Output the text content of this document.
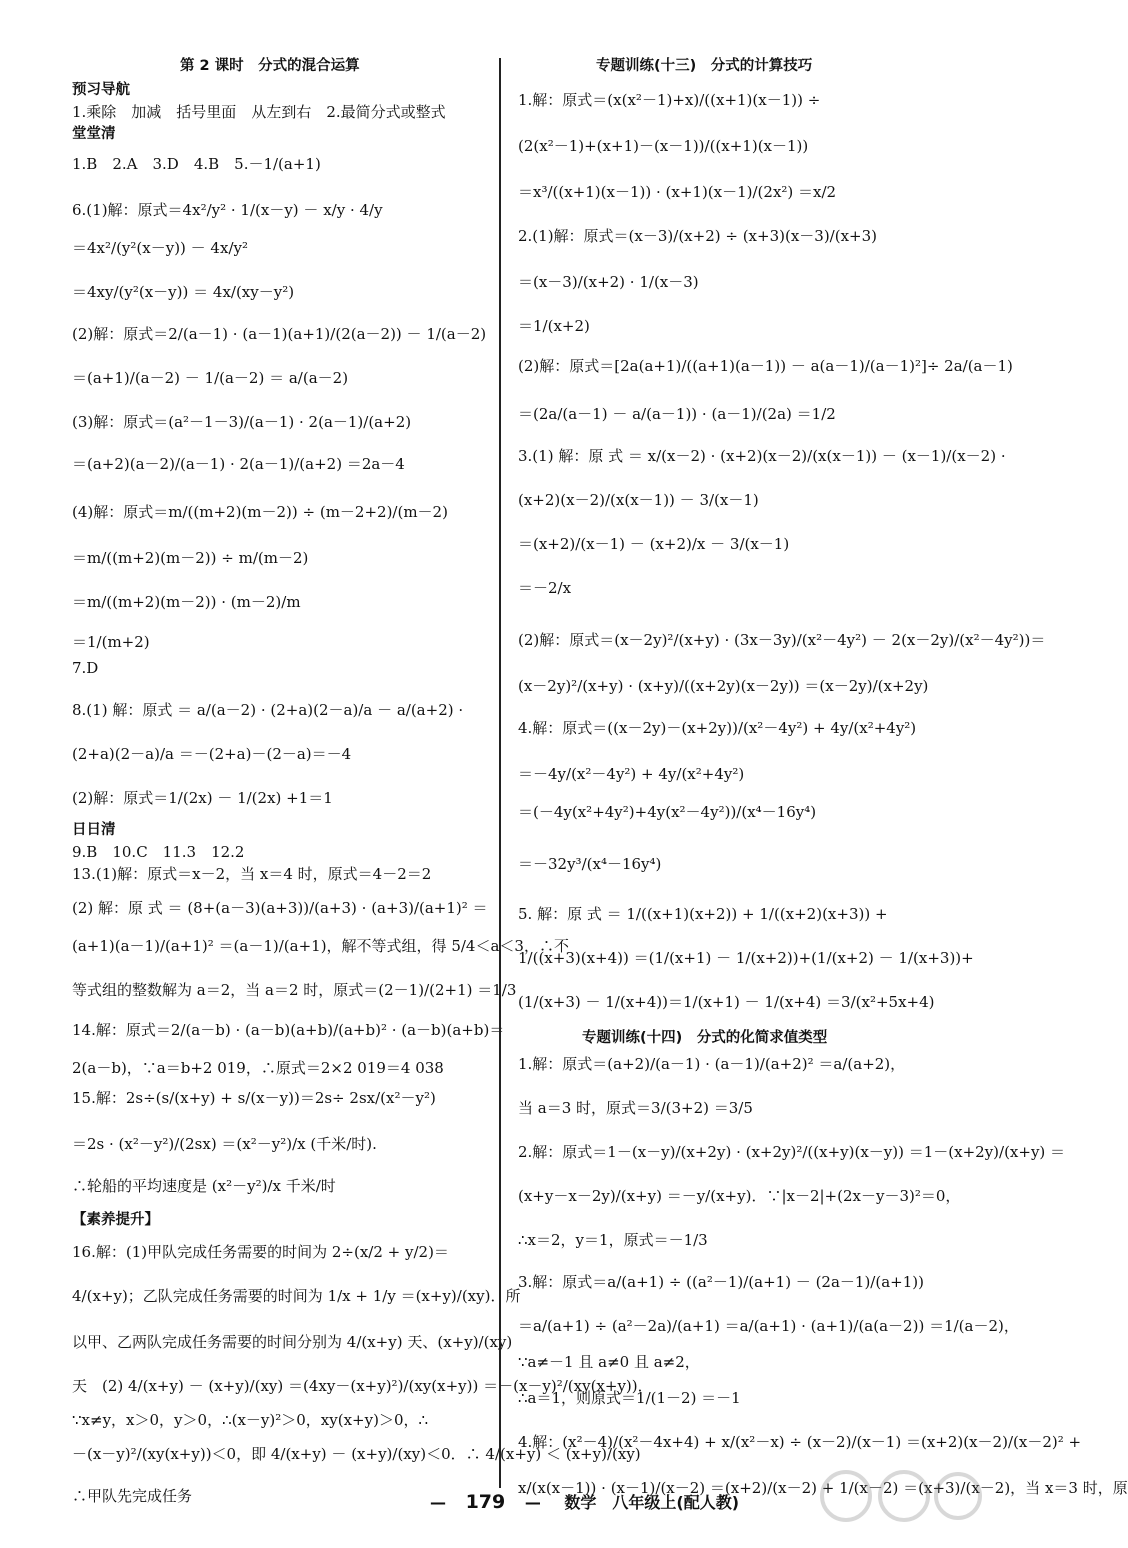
第 2 课时　分式的混合运算
预习导航
1.乘除　加减　括号里面　从左到右　2.最简分式或整式
堂堂清
1.B　2.A　3.D　4.B　5.－1/(a+1)
6.(1)解：原式＝4x²/y² · 1/(x－y) － x/y · 4/y
＝4x²/(y²(x－y)) － 4x/y²
＝4xy/(y²(x－y)) ＝ 4x/(xy－y²)
(2)解：原式＝2/(a－1) · (a－1)(a+1)/(2(a－2)) － 1/(a－2)
＝(a+1)/(a－2) － 1/(a－2) ＝ a/(a－2)
(3)解：原式＝(a²－1－3)/(a－1) · 2(a－1)/(a+2)
＝(a+2)(a－2)/(a－1) · 2(a－1)/(a+2) ＝2a－4
(4)解：原式＝m/((m+2)(m－2)) ÷ (m－2+2)/(m－2)
＝m/((m+2)(m－2)) ÷ m/(m－2)
＝m/((m+2)(m－2)) · (m－2)/m
＝1/(m+2)
7.D
8.(1) 解：原式 ＝ a/(a－2) · (2+a)(2－a)/a － a/(a+2) ·
(2+a)(2－a)/a ＝－(2+a)－(2－a)＝－4
(2)解：原式＝1/(2x) － 1/(2x) +1＝1
日日清
9.B　10.C　11.3　12.2
13.(1)解：原式＝x－2，当 x＝4 时，原式＝4－2＝2
(2) 解：原 式 ＝ (8+(a－3)(a+3))/(a+3) · (a+3)/(a+1)² ＝
(a+1)(a－1)/(a+1)² ＝(a－1)/(a+1)，解不等式组，得 5/4＜a＜3，∴不
等式组的整数解为 a＝2，当 a＝2 时，原式＝(2－1)/(2+1) ＝1/3
14.解：原式＝2/(a－b) · (a－b)(a+b)/(a+b)² · (a－b)(a+b)＝
2(a－b)，∵a＝b+2 019，∴原式＝2×2 019＝4 038
15.解：2s÷(s/(x+y) + s/(x－y))＝2s÷ 2sx/(x²－y²)
＝2s · (x²－y²)/(2sx) ＝(x²－y²)/x (千米/时).
∴轮船的平均速度是 (x²－y²)/x 千米/时
【素养提升】
16.解：(1)甲队完成任务需要的时间为 2÷(x/2 + y/2)＝
4/(x+y)；乙队完成任务需要的时间为 1/x + 1/y ＝(x+y)/(xy)．所
以甲、乙两队完成任务需要的时间分别为 4/(x+y) 天、(x+y)/(xy)
天　(2) 4/(x+y) － (x+y)/(xy) ＝(4xy－(x+y)²)/(xy(x+y)) ＝－(x－y)²/(xy(x+y))．
∵x≠y，x＞0，y＞0，∴(x－y)²＞0，xy(x+y)＞0，∴
－(x－y)²/(xy(x+y))＜0，即 4/(x+y) － (x+y)/(xy)＜0．∴ 4/(x+y) ＜ (x+y)/(xy)
∴甲队先完成任务
专题训练(十三)　分式的计算技巧
1.解：原式＝(x(x²－1)+x)/((x+1)(x－1)) ÷
(2(x²－1)+(x+1)－(x－1))/((x+1)(x－1))
＝x³/((x+1)(x－1)) · (x+1)(x－1)/(2x²) ＝x/2
2.(1)解：原式＝(x－3)/(x+2) ÷ (x+3)(x－3)/(x+3)
＝(x－3)/(x+2) · 1/(x－3)
＝1/(x+2)
(2)解：原式＝[2a(a+1)/((a+1)(a－1)) － a(a－1)/(a－1)²]÷ 2a/(a－1)
＝(2a/(a－1) － a/(a－1)) · (a－1)/(2a) ＝1/2
3.(1) 解：原 式 ＝ x/(x－2) · (x+2)(x－2)/(x(x－1)) － (x－1)/(x－2) ·
(x+2)(x－2)/(x(x－1)) － 3/(x－1)
＝(x+2)/(x－1) － (x+2)/x － 3/(x－1)
＝－2/x
(2)解：原式＝(x－2y)²/(x+y) · (3x－3y)/(x²－4y²) － 2(x－2y)/(x²－4y²))＝
(x－2y)²/(x+y) · (x+y)/((x+2y)(x－2y)) ＝(x－2y)/(x+2y)
4.解：原式＝((x－2y)－(x+2y))/(x²－4y²) + 4y/(x²+4y²)
＝－4y/(x²－4y²) + 4y/(x²+4y²)
＝(－4y(x²+4y²)+4y(x²－4y²))/(x⁴－16y⁴)
＝－32y³/(x⁴－16y⁴)
5. 解：原 式 ＝ 1/((x+1)(x+2)) + 1/((x+2)(x+3)) +
1/((x+3)(x+4)) ＝(1/(x+1) － 1/(x+2))+(1/(x+2) － 1/(x+3))+
(1/(x+3) － 1/(x+4))＝1/(x+1) － 1/(x+4) ＝3/(x²+5x+4)
专题训练(十四)　分式的化简求值类型
1.解：原式＝(a+2)/(a－1) · (a－1)/(a+2)² ＝a/(a+2)，
当 a＝3 时，原式＝3/(3+2) ＝3/5
2.解：原式＝1－(x－y)/(x+2y) · (x+2y)²/((x+y)(x－y)) ＝1－(x+2y)/(x+y) ＝
(x+y－x－2y)/(x+y) ＝－y/(x+y)．∵|x－2|+(2x－y－3)²＝0，
∴x＝2，y＝1，原式＝－1/3
3.解：原式＝a/(a+1) ÷ ((a²－1)/(a+1) － (2a－1)/(a+1))
＝a/(a+1) ÷ (a²－2a)/(a+1) ＝a/(a+1) · (a+1)/(a(a－2)) ＝1/(a－2)，
∵a≠－1 且 a≠0 且 a≠2，
∴a＝1，则原式＝1/(1－2) ＝－1
4.解：(x²－4)/(x²－4x+4) + x/(x²－x) ÷ (x－2)/(x－1) ＝(x+2)(x－2)/(x－2)² +
x/(x(x－1)) · (x－1)/(x－2) ＝(x+2)/(x－2) + 1/(x－2) ＝(x+3)/(x－2)，当 x＝3 时，原
— 179 — 数学　八年级上(配人教)
